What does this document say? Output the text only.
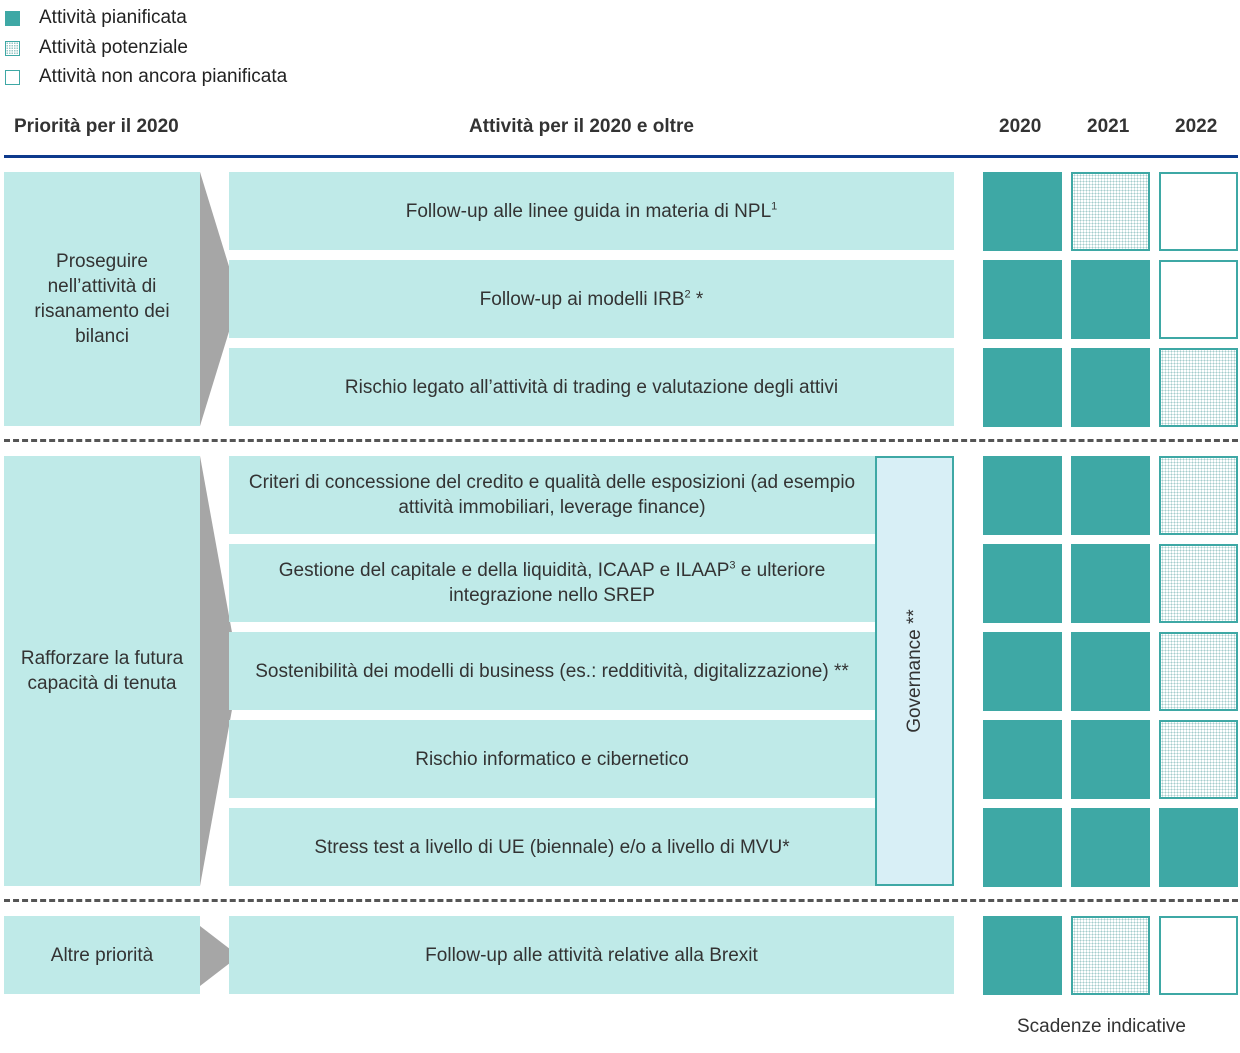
Attività pianificata
Attività potenziale
Attività non ancora pianificata
Priorità per il 2020	Attività per il 2020 e oltre	2020 2021 2022
Proseguire nell’attività di risanamento dei bilanci
Follow-up alle linee guida in materia di NPL$^1$
Follow-up ai modelli IRB$^2$ *
Rischio legato all’attività di trading e valutazione degli attivi
Rafforzare la futura capacità di tenuta
Criteri di concessione del credito e qualità delle esposizioni (ad esempio attività immobiliari, leverage finance)
Gestione del capitale e della liquidità, ICAAP e ILAAP$^3$ e ulteriore integrazione nello SREP
Sostenibilità dei modelli di business (es.: redditività, digitalizzazione) **
Rischio informatico e cibernetico
Stress test a livello di UE (biennale) e/o a livello di MVU*
Governance **
Altre priorità	Follow-up alle attività relative alla Brexit
Scadenze indicative
